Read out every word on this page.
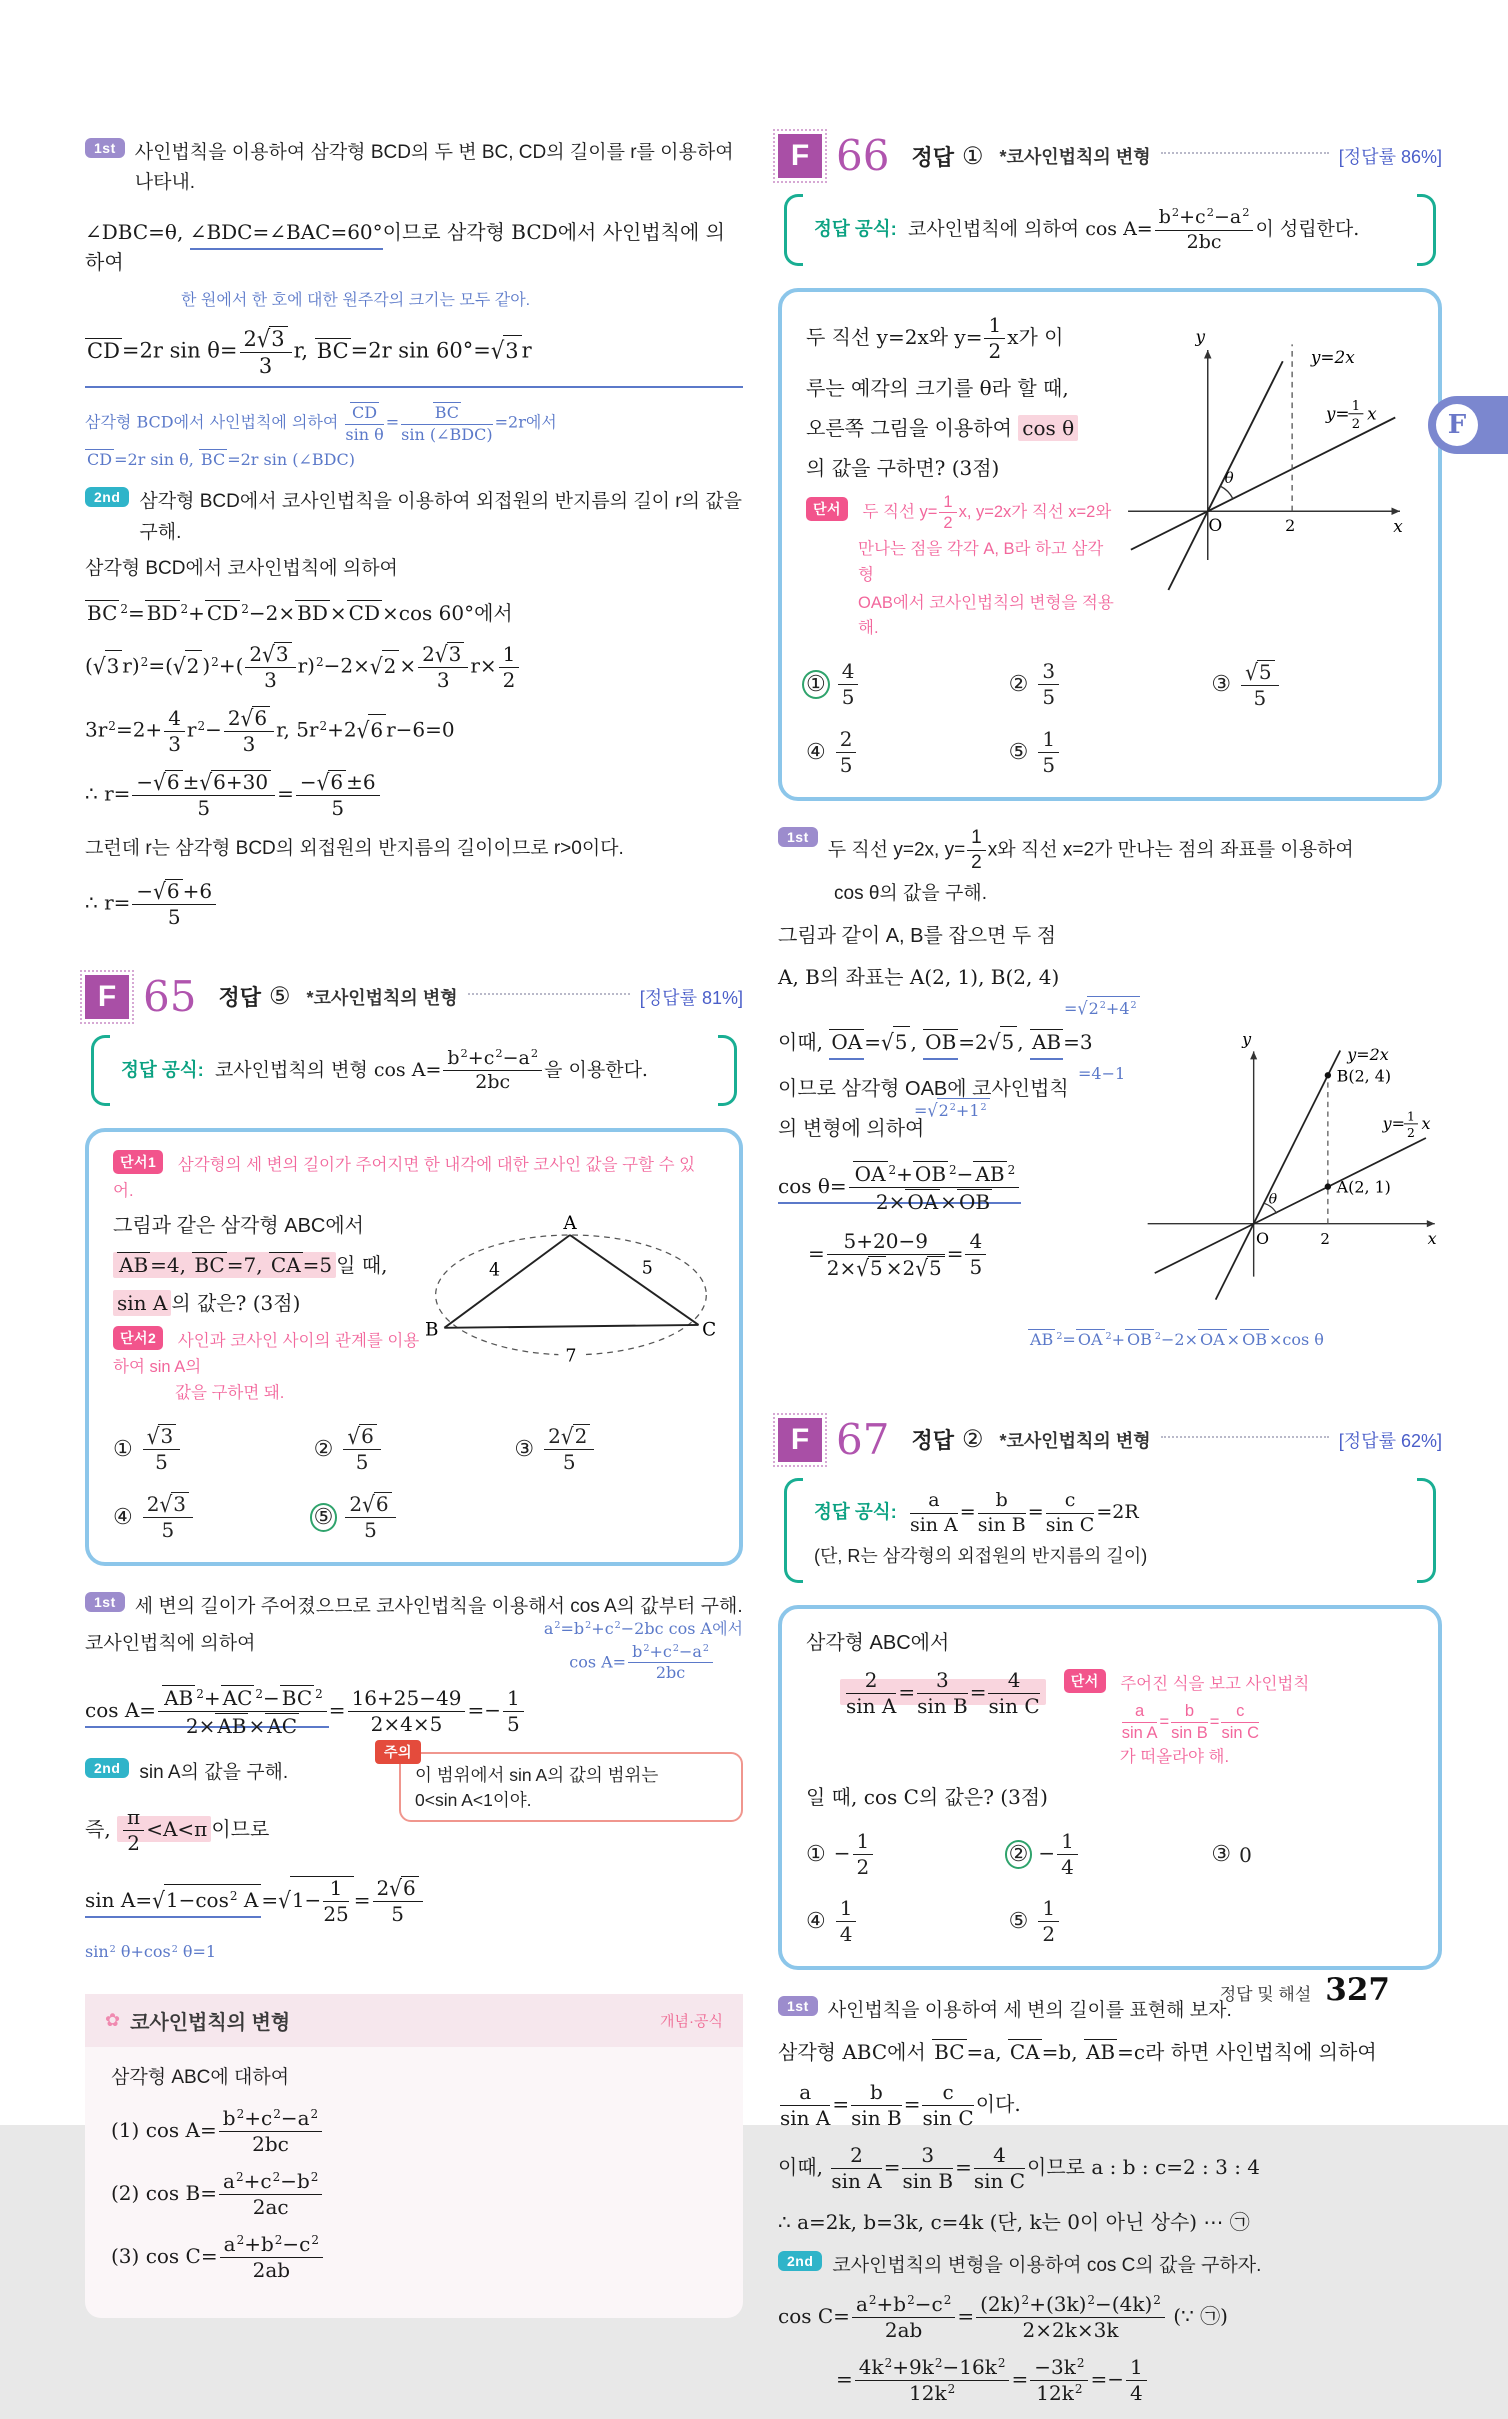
1st	사인법칙을 이용하여 삼각형 BCD의 두 변 BC, CD의 길이를 r를 이용하여 나타내.
∠DBC=θ, ∠BDC=∠BAC=60°이므로 삼각형 BCD에서 사인법칙에 의하여
한 원에서 한 호에 대한 원주각의 크기는 모두 같아.
CD=2r $\sin \theta= \frac{2√3}{3} r$, BC=2r sin 60°=√3 r
삼각형 BCD에서 사인법칙에 의하여 $\frac{CD}{\text{sin θ}} = \frac{BC}{\text{sin (∠BDC)}} =2r$에서
CD =2r sin θ, BC =2r sin (∠BDC)
2nd	삼각형 BCD에서 코사인법칙을 이용하여 외접원의 반지름의 길이 r의 값을 구해.
삼각형 BCD에서 코사인법칙에 의하여
BC $^2$= BD $^2$+ CD $^2$−2× BD × CD ×cos 60°에서
(√3 r)$^2$=(√2 )$^2+( \frac{2√3}{3} r)^2-2\times√2 \times \frac{2√3}{3} r\times \frac{1}{2}$
$3r^2=2+ \frac{4}{3} r^2- \frac{2√6}{3} r$, $5r^2+2√6$ r−6=0
∴ $r= \frac{-√6 \pm√6+30}{5} = \frac{-√6 \pm 6}{5}$
그런데 r는 삼각형 BCD의 외접원의 반지름의 길이이므로 r>0이다.
∴ $r= \frac{-√6 +6}{5}$
F 65 정답 ⑤ *코사인법칙의 변형	[정답률 81%]
정답 공식: 코사인법칙의 변형 $\cos A= \frac{b^2+c^2-a^2}{2bc}$ 을 이용한다.
단서1 삼각형의 세 변의 길이가 주어지면 한 내각에 대한 코사인 값을 구할 수 있어.
그림과 같은 삼각형 ABC에서
AB =4, BC =7, CA =5 일 때,
sin A 의 값은? (3점)
단서2 사인과 코사인 사이의 관계를 이용하여 sin A의
값을 구하면 돼.
A
B	C
4	5
7
① $\frac{√3}{5}$	② $\frac{√6}{5}$	③ $\frac{2√2}{5}$
④ $\frac{2√3}{5}$	⑤ $\frac{2√6}{5}$
1st	세 변의 길이가 주어졌으므로 코사인법칙을 이용해서 cos A의 값부터 구해.
코사인법칙에 의하여
$a^2=b^2+c^2-2bc$ cos A에서
$\cos A= \frac{b^2+c^2-a^2}{2bc}$
$\cos A= \frac{AB ^2+ AC ^2- BC ^2}{2\times AB \times AC} = \frac{16+25-49}{2\times 4\times 5} =- \frac{1}{5}$
2nd	sin A의 값을 구해.
주의
이 범위에서 sin A의 값의 범위는
0<sin A<1이야.
즉, $\frac{\pi}{2} <A<\pi$ 이므로
$\sin A=√1-\cos^2$ $A =√1- \frac{1}{25} = \frac{2√6}{5}$
$\sin^2 \theta+\cos^2$ θ=1
✿ 코사인법칙의 변형	개념·공식
삼각형 ABC에 대하여
(1) $\cos A= \frac{b^2+c^2-a^2}{2bc}$
(2) $\cos B= \frac{a^2+c^2-b^2}{2ac}$
(3) $\cos C= \frac{a^2+b^2-c^2}{2ab}$
F 66 정답 ① *코사인법칙의 변형	[정답률 86%]
정답 공식: 코사인법칙에 의하여 $\cos A= \frac{b^2+c^2-a^2}{2bc}$ 이 성립한다.
두 직선 y=2x와 $y= \frac{1}{2}$ x가 이
루는 예각의 크기를 θ라 할 때,
오른쪽 그림을 이용하여 cos θ
의 값을 구하면? (3점)
단서 두 직선 $y= \frac{1}{2} x$, y=2x가 직선 x=2와
만나는 점을 각각 A, B라 하고 삼각형
OAB에서 코사인법칙의 변형을 적용해.
y
x
O	2
y=2x
y= 1
2
x
θ
① $\frac{4}{5}$	② $\frac{3}{5}$	③ $\frac{√5}{5}$
④ $\frac{2}{5}$	⑤ $\frac{1}{5}$
1st
두 직선 y=2x, $y= \frac{1}{2}$ x와 직선 x=2가 만나는 점의 좌표를 이용하여
cos θ의 값을 구해.
그림과 같이 A, B를 잡으면 두 점
A, B의 좌표는 A(2, 1), B(2, 4)
이때, OA =√5 , OB =2√5 , AB =3
$=√2^2+4^2$
=4−1
$=√2^2+1^2$
이므로 삼각형 OAB에 코사인법칙
의 변형에 의하여
$\cos \theta= \frac{OA ^2+ OB ^2- AB ^2}{2\times OA \times OB}$
= $\frac{5+20-9}{2\times√5 \times 2√5} = \frac{4}{5}$
y
x
O	2
y=2x
B(2, 4)
A(2, 1)
y= 1
2 x
θ
AB $^2$= OA $^2$+ OB $^2$−2× OA × OB ×cos θ
F 67 정답 ② *코사인법칙의 변형	[정답률 62%]
정답 공식: $\frac{a}{\text{sin A}} = \frac{b}{\text{sin B}} = \frac{c}{\text{sin C}} =2R$
(단, R는 삼각형의 외접원의 반지름의 길이)
삼각형 ABC에서
$\frac{2}{\text{sin A}} = \frac{3}{\text{sin B}} = \frac{4}{\text{sin C}}$	단서 주어진 식을 보고 사인법칙
$\frac{a}{\text{sin A}} = \frac{b}{\text{sin B}} = \frac{c}{\text{sin C}}$
가 떠올라야 해.
일 때, cos C의 값은? (3점)
① − $\frac{1}{2}$	② − $\frac{1}{4}$	③ 0
④ $\frac{1}{4}$	⑤ $\frac{1}{2}$
1st	사인법칙을 이용하여 세 변의 길이를 표현해 보자.
삼각형 ABC에서 BC =a, CA =b, AB =c라 하면 사인법칙에 의하여
$\frac{a}{\text{sin A}} = \frac{b}{\text{sin B}} = \frac{c}{\text{sin C}}$ 이다.
이때, $\frac{2}{\text{sin A}} = \frac{3}{\text{sin B}} = \frac{4}{\text{sin C}}$ 이므로 a : b : c=2 : 3 : 4
∴ a=2k, b=3k, c=4k (단, k는 0이 아닌 상수) ⋯ ㉠
2nd	코사인법칙의 변형을 이용하여 cos C의 값을 구하자.
$\cos C= \frac{a^2+b^2-c^2}{2ab} = \frac{(2k)^2+(3k)^2-(4k)^2}{2\times 2k\times 3k}$ (∵ ㉠)
= $\frac{4k^2+9k^2-16k^2}{12k^2} = \frac{-3k^2}{12k^2} =- \frac{1}{4}$
F
정답 및 해설 327
